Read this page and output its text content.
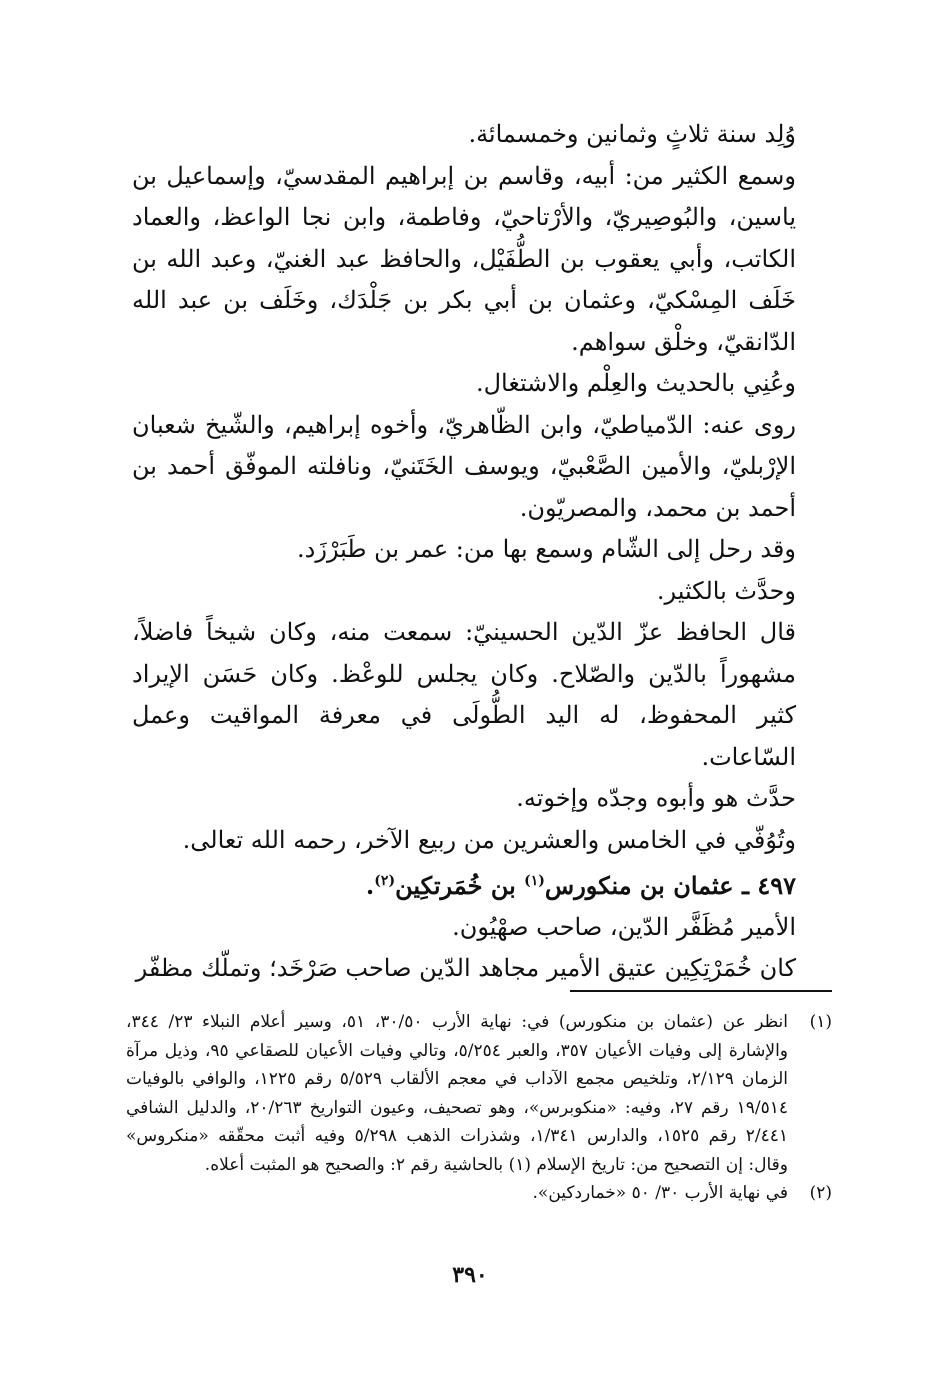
وُلِد سنة ثلاثٍ وثمانين وخمسمائة.

وسمع الكثير من: أبيه، وقاسم بن إبراهيم المقدسيّ، وإسماعيل بن ياسين، والبُوصِيريّ، والأرْتاحيّ، وفاطمة، وابن نجا الواعظ، والعماد الكاتب، وأبي يعقوب بن الطُّفَيْل، والحافظ عبد الغنيّ، وعبد الله بن خَلَف المِسْكيّ، وعثمان بن أبي بكر بن جَلْدَك، وخَلَف بن عبد الله الدّانقيّ، وخلْق سواهم.

وعُنِي بالحديث والعِلْم والاشتغال.

روى عنه: الدّمياطيّ، وابن الظّاهريّ، وأخوه إبراهيم، والشّيخ شعبان الإرْبليّ، والأمين الصَّعْبيّ، ويوسف الخَتَنيّ، ونافلته الموفّق أحمد بن أحمد بن محمد، والمصريّون.

وقد رحل إلى الشّام وسمع بها من: عمر بن طَبَرْزَد.

وحدَّث بالكثير.

قال الحافظ عزّ الدّين الحسينيّ: سمعت منه، وكان شيخاً فاضلاً، مشهوراً بالدّين والصّلاح. وكان يجلس للوعْظ. وكان حَسَن الإيراد كثير المحفوظ، له اليد الطُّولَى في معرفة المواقيت وعمل السّاعات.

حدَّث هو وأبوه وجدّه وإخوته.

وتُوُفّي في الخامس والعشرين من ربيع الآخر، رحمه الله تعالى.

٤٩٧ ـ عثمان بن منكورس$^{(١)}$ بن خُمَرتكِين$^{(٢)}$.

الأمير مُظَفَّر الدّين، صاحب صهْيُون.

كان خُمَرْتِكِين عتيق الأمير مجاهد الدّين صاحب صَرْخَد؛ وتملّك مظفّر

(١)
انظر عن (عثمان بن منكورس) في: نهاية الأرب ٣٠/٥٠، ٥١، وسير أعلام النبلاء ٢٣/ ٣٤٤، والإشارة إلى وفيات الأعيان ٣٥٧، والعبر ٥/٢٥٤، وتالي وفيات الأعيان للصقاعي ٩٥، وذيل مرآة الزمان ٢/١٢٩، وتلخيص مجمع الآداب في معجم الألقاب ٥/٥٢٩ رقم ١٢٢٥، والوافي بالوفيات ١٩/٥١٤ رقم ٢٧، وفيه: «منكوبرس»، وهو تصحيف، وعيون التواريخ ٢٠/٢٦٣، والدليل الشافي ٢/٤٤١ رقم ١٥٢٥، والدارس ١/٣٤١، وشذرات الذهب ٥/٢٩٨ وفيه أثبت محقّقه «منكروس» وقال: إن التصحيح من: تاريخ الإسلام (١) بالحاشية رقم ٢: والصحيح هو المثبت أعلاه.
(٢)
في نهاية الأرب ٣٠/ ٥٠ «خماردكين».
٣٩٠
